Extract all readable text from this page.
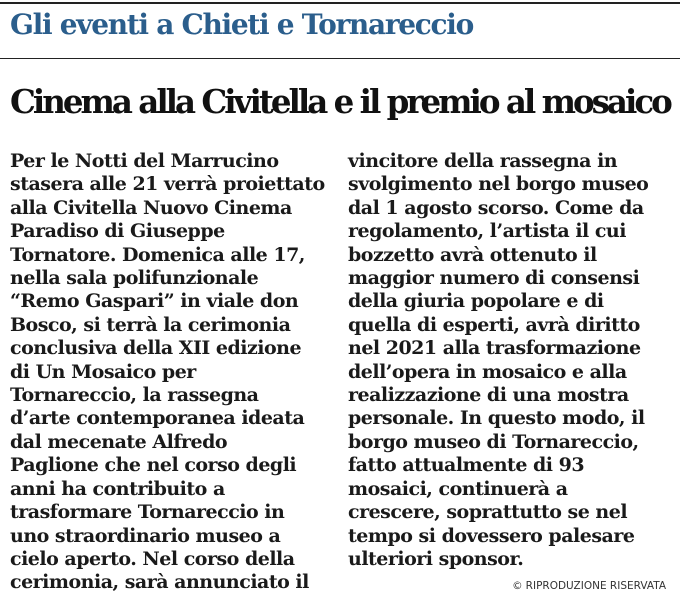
Gli eventi a Chieti e Tornareccio
Cinema alla Civitella e il premio al mosaico
Per le Notti del Marrucino
stasera alle 21 verrà proiettato
alla Civitella Nuovo Cinema
Paradiso di Giuseppe
Tornatore. Domenica alle 17,
nella sala polifunzionale
“Remo Gaspari” in viale don
Bosco, si terrà la cerimonia
conclusiva della XII edizione
di Un Mosaico per
Tornareccio, la rassegna
d’arte contemporanea ideata
dal mecenate Alfredo
Paglione che nel corso degli
anni ha contribuito a
trasformare Tornareccio in
uno straordinario museo a
cielo aperto. Nel corso della
cerimonia, sarà annunciato il
vincitore della rassegna in
svolgimento nel borgo museo
dal 1 agosto scorso. Come da
regolamento, l’artista il cui
bozzetto avrà ottenuto il
maggior numero di consensi
della giuria popolare e di
quella di esperti, avrà diritto
nel 2021 alla trasformazione
dell’opera in mosaico e alla
realizzazione di una mostra
personale. In questo modo, il
borgo museo di Tornareccio,
fatto attualmente di 93
mosaici, continuerà a
crescere, soprattutto se nel
tempo si dovessero palesare
ulteriori sponsor.
© RIPRODUZIONE RISERVATA
